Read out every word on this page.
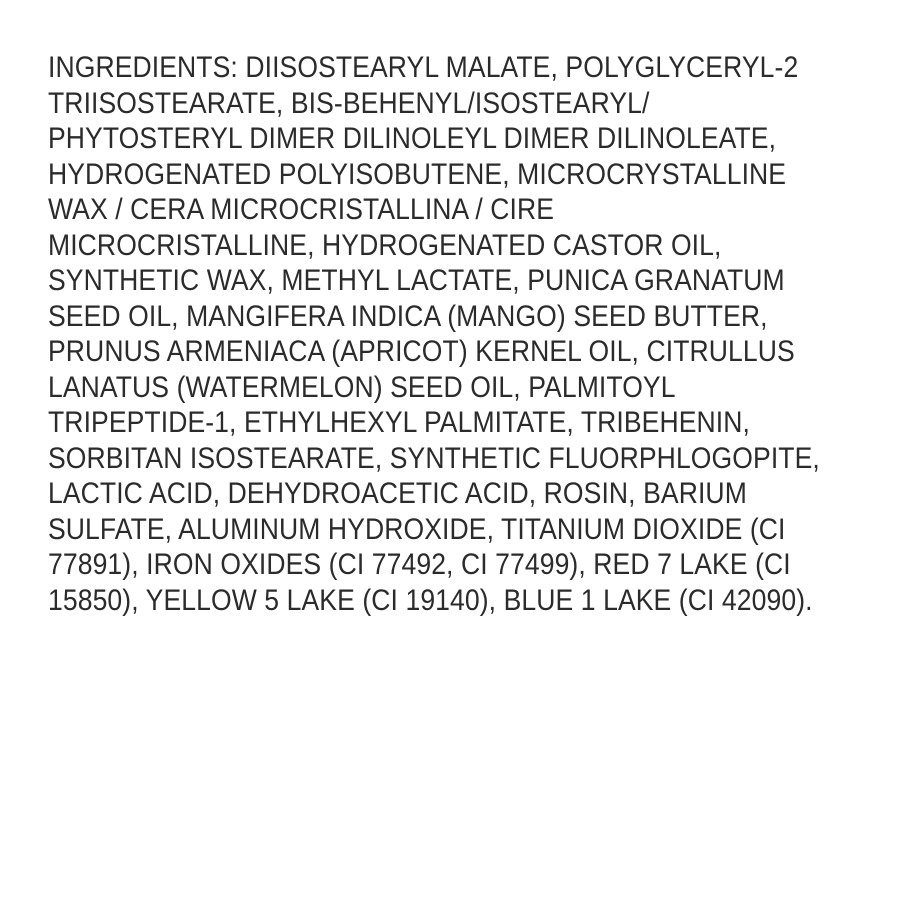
INGREDIENTS: DIISOSTEARYL MALATE, POLYGLYCERYL-2
TRIISOSTEARATE, BIS-BEHENYL/ISOSTEARYL/
PHYTOSTERYL DIMER DILINOLEYL DIMER DILINOLEATE,
HYDROGENATED POLYISOBUTENE, MICROCRYSTALLINE
WAX / CERA MICROCRISTALLINA / CIRE
MICROCRISTALLINE, HYDROGENATED CASTOR OIL,
SYNTHETIC WAX, METHYL LACTATE, PUNICA GRANATUM
SEED OIL, MANGIFERA INDICA (MANGO) SEED BUTTER,
PRUNUS ARMENIACA (APRICOT) KERNEL OIL, CITRULLUS
LANATUS (WATERMELON) SEED OIL, PALMITOYL
TRIPEPTIDE-1, ETHYLHEXYL PALMITATE, TRIBEHENIN,
SORBITAN ISOSTEARATE, SYNTHETIC FLUORPHLOGOPITE,
LACTIC ACID, DEHYDROACETIC ACID, ROSIN, BARIUM
SULFATE, ALUMINUM HYDROXIDE, TITANIUM DIOXIDE (CI
77891), IRON OXIDES (CI 77492, CI 77499), RED 7 LAKE (CI
15850), YELLOW 5 LAKE (CI 19140), BLUE 1 LAKE (CI 42090).
